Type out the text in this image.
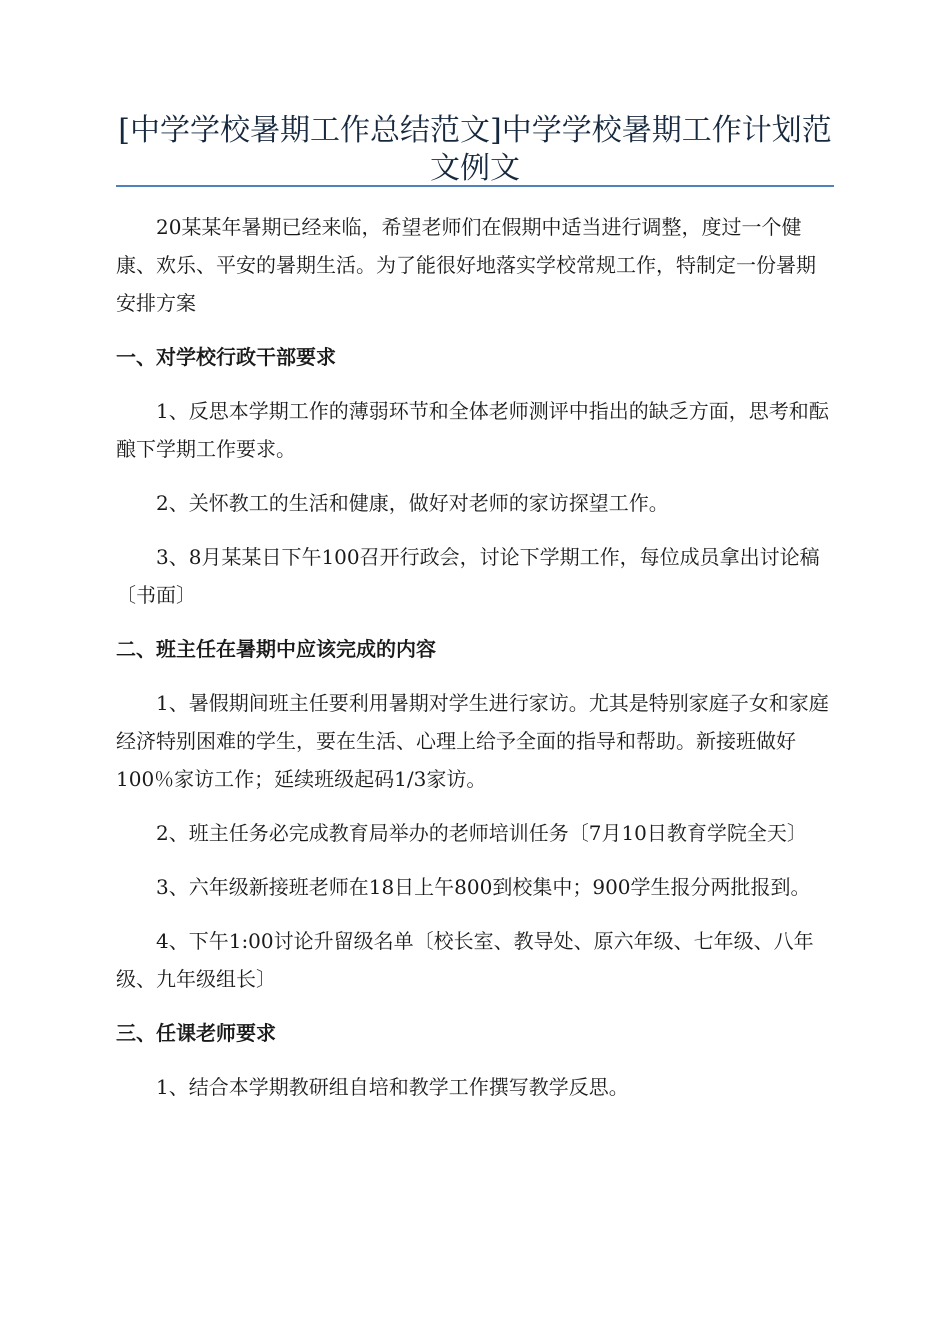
[中学学校暑期工作总结范文]中学学校暑期工作计划范文例文

20某某年暑期已经来临，希望老师们在假期中适当进行调整，度过一个健康、欢乐、平安的暑期生活。为了能很好地落实学校常规工作，特制定一份暑期安排方案

一、对学校行政干部要求

1、反思本学期工作的薄弱环节和全体老师测评中指出的缺乏方面，思考和酝酿下学期工作要求。

2、关怀教工的生活和健康，做好对老师的家访探望工作。

3、8月某某日下午100召开行政会，讨论下学期工作，每位成员拿出讨论稿〔书面〕

二、班主任在暑期中应该完成的内容

1、暑假期间班主任要利用暑期对学生进行家访。尤其是特别家庭子女和家庭经济特别困难的学生，要在生活、心理上给予全面的指导和帮助。新接班做好100％家访工作；延续班级起码1/3家访。

2、班主任务必完成教育局举办的老师培训任务〔7月10日教育学院全天〕

3、六年级新接班老师在18日上午800到校集中；900学生报分两批报到。

4、下午1:00讨论升留级名单〔校长室、教导处、原六年级、七年级、八年级、九年级组长〕

三、任课老师要求

1、结合本学期教研组自培和教学工作撰写教学反思。
